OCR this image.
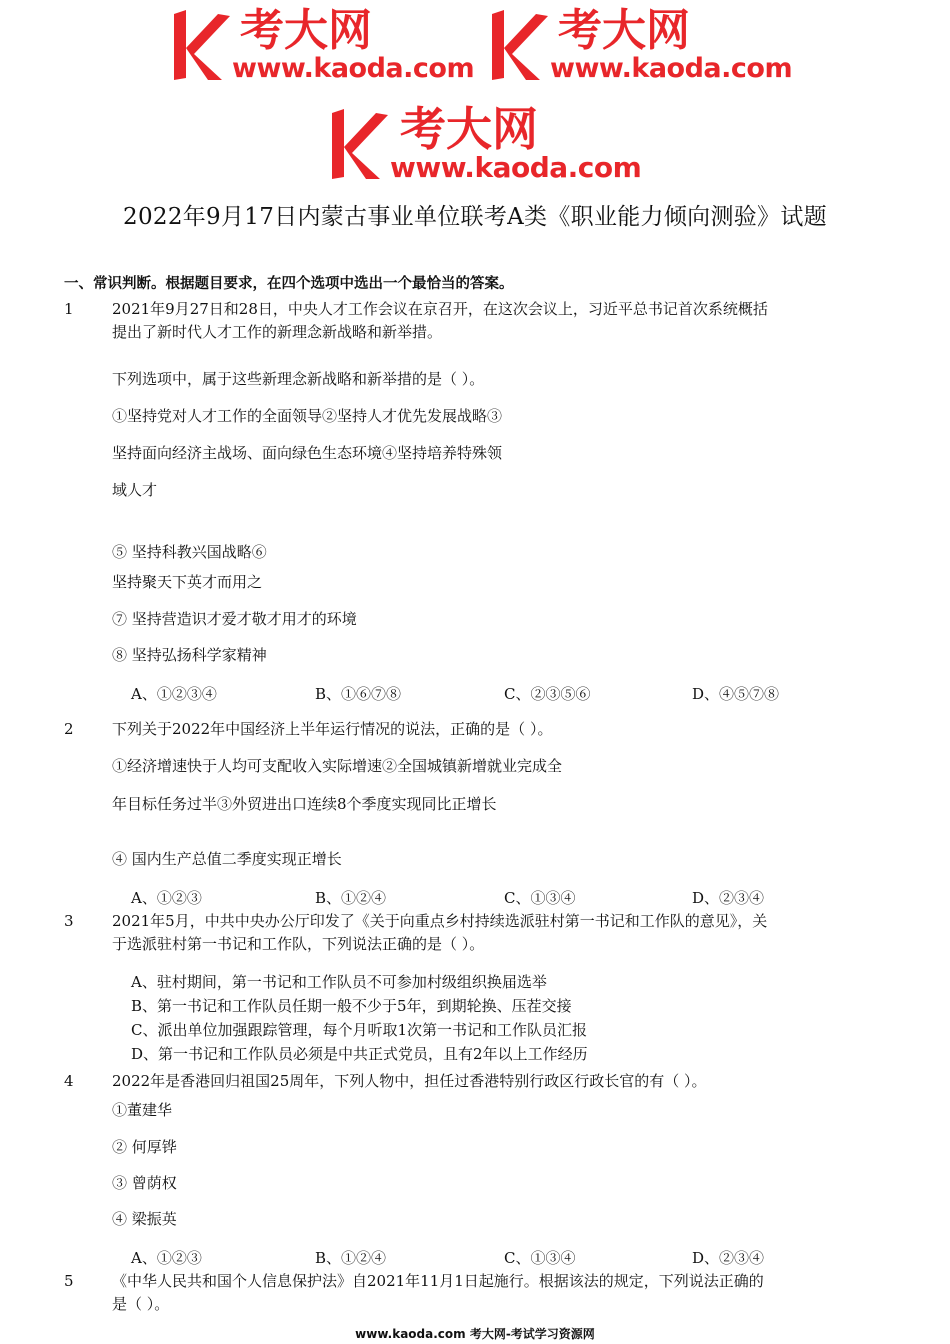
考大网
www.kaoda.com
考大网
www.kaoda.com
考大网
www.kaoda.com
2022年9月17日内蒙古事业单位联考A类《职业能力倾向测验》试题
一、常识判断。根据题目要求，在四个选项中选出一个最恰当的答案。
1	2021年9月27日和28日，中央人才工作会议在京召开，在这次会议上，习近平总书记首次系统概括
提出了新时代人才工作的新理念新战略和新举措。
下列选项中，属于这些新理念新战略和新举措的是（ ）。
①坚持党对人才工作的全面领导②坚持人才优先发展战略③
坚持面向经济主战场、面向绿色生态环境④坚持培养特殊领
域人才
⑤ 坚持科教兴国战略⑥
坚持聚天下英才而用之
⑦ 坚持营造识才爱才敬才用才的环境
⑧ 坚持弘扬科学家精神
A、①②③④	B、①⑥⑦⑧	C、②③⑤⑥	D、④⑤⑦⑧
2	下列关于2022年中国经济上半年运行情况的说法，正确的是（ ）。
①经济增速快于人均可支配收入实际增速②全国城镇新增就业完成全
年目标任务过半③外贸进出口连续8个季度实现同比正增长
④ 国内生产总值二季度实现正增长
A、①②③	B、①②④	C、①③④	D、②③④
3	2021年5月，中共中央办公厅印发了《关于向重点乡村持续选派驻村第一书记和工作队的意见》，关
于选派驻村第一书记和工作队，下列说法正确的是（ ）。
A、驻村期间，第一书记和工作队员不可参加村级组织换届选举
B、第一书记和工作队员任期一般不少于5年，到期轮换、压茬交接
C、派出单位加强跟踪管理，每个月听取1次第一书记和工作队员汇报
D、第一书记和工作队员必须是中共正式党员，且有2年以上工作经历
4	2022年是香港回归祖国25周年，下列人物中，担任过香港特别行政区行政长官的有（ ）。
①董建华
② 何厚铧
③ 曾荫权
④ 梁振英
A、①②③	B、①②④	C、①③④	D、②③④
5	《中华人民共和国个人信息保护法》自2021年11月1日起施行。根据该法的规定，下列说法正确的
是（ ）。
www.kaoda.com 考大网-考试学习资源网
